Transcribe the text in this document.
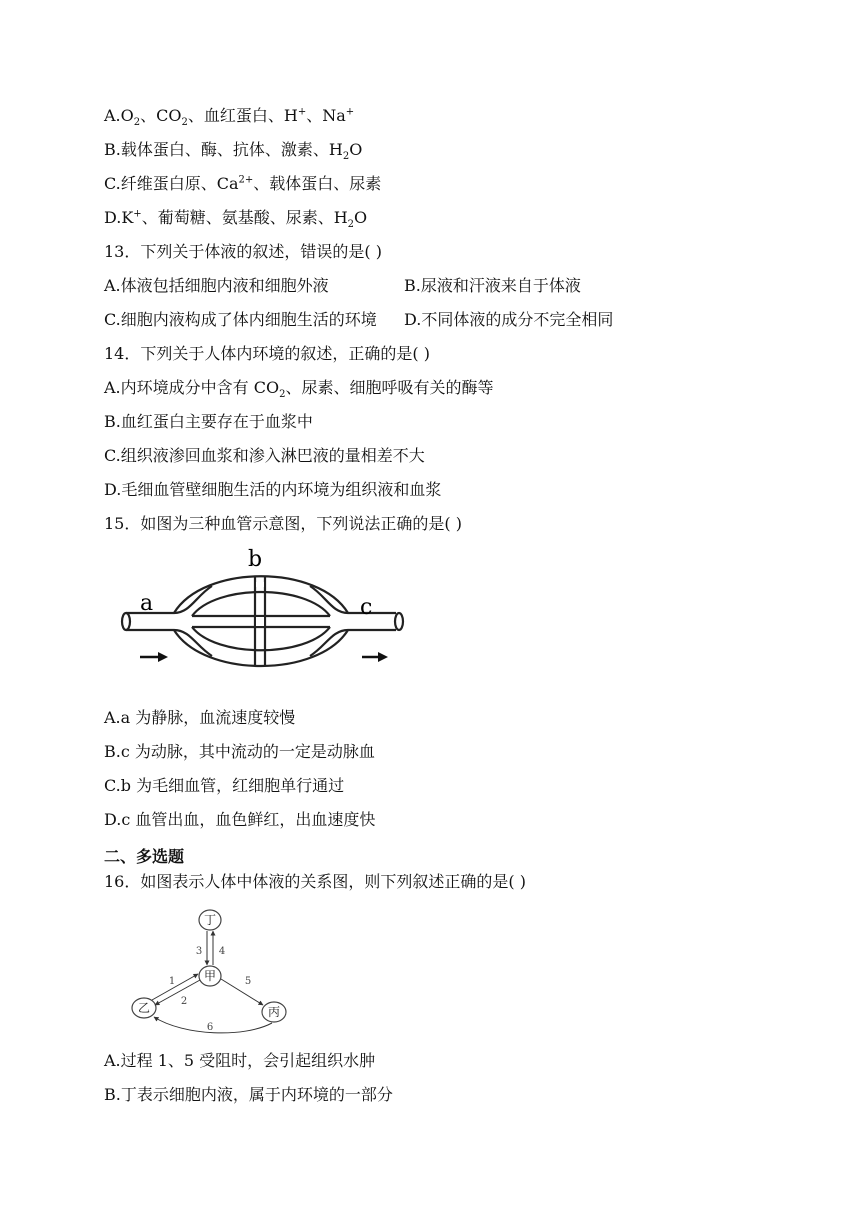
$A.O_2$、$CO_2$、血红蛋白、H+、Na+
B.载体蛋白、酶、抗体、激素、$H_2O$
C.纤维蛋白原、$Ca^{2+}$、载体蛋白、尿素
D.K+、葡萄糖、氨基酸、尿素、$H_2O$
13．下列关于体液的叙述，错误的是( )
A.体液包括细胞内液和细胞外液	B.尿液和汗液来自于体液
C.细胞内液构成了体内细胞生活的环境 D.不同体液的成分不完全相同
14．下列关于人体内环境的叙述，正确的是( )
A.内环境成分中含有 $CO_2$、尿素、细胞呼吸有关的酶等
B.血红蛋白主要存在于血浆中
C.组织液渗回血浆和渗入淋巴液的量相差不大
D.毛细血管壁细胞生活的内环境为组织液和血浆
15．如图为三种血管示意图，下列说法正确的是( )
a
b
c
A.a 为静脉，血流速度较慢
B.c 为动脉，其中流动的一定是动脉血
C.b 为毛细血管，红细胞单行通过
D.c 血管出血，血色鲜红，出血速度快
二、多选题
16．如图表示人体中体液的关系图，则下列叙述正确的是( )
丁
甲
乙	丙
3 4
1
2
5
6
A.过程 1、5 受阻时，会引起组织水肿
B.丁表示细胞内液，属于内环境的一部分
